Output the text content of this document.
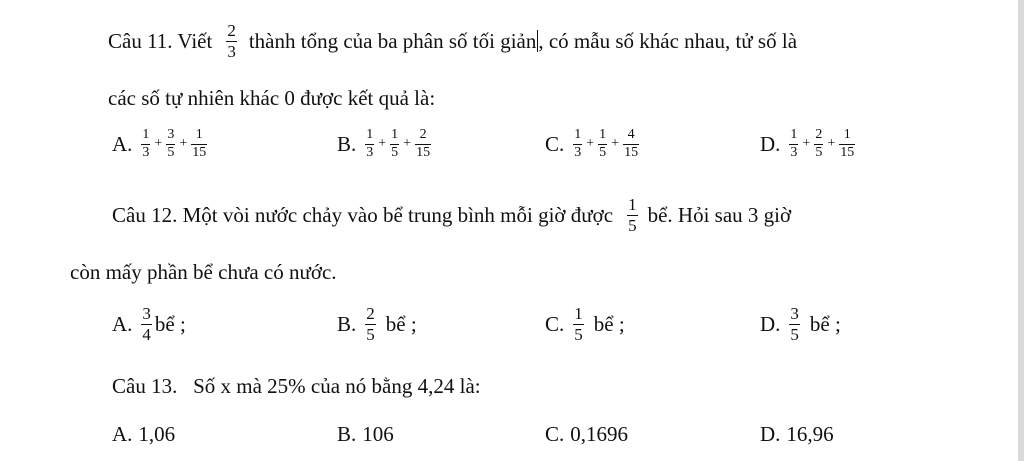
Câu 11. Viết $\frac{2}{3}$ thành tổng của ba phân số tối giản , có mẫu số khác nhau, tử số là
các số tự nhiên khác 0 được kết quả là:
A. $\frac{1}{3} + \frac{3}{5} + \frac{1}{15}$	B. $\frac{1}{3} + \frac{1}{5} + \frac{2}{15}$	C. $\frac{1}{3} + \frac{1}{5} + \frac{4}{15}$	D. $\frac{1}{3} + \frac{2}{5} + \frac{1}{15}$
Câu 12. Một vòi nước chảy vào bể trung bình mỗi giờ được $\frac{1}{5}$ bể. Hỏi sau 3 giờ
còn mấy phần bể chưa có nước.
A. $\frac{3}{4}$ bể ;	B. $\frac{2}{5}$ bể ;	C. $\frac{1}{5}$ bể ;	D. $\frac{3}{5}$ bể ;
Câu 13.   Số x mà 25% của nó bằng 4,24 là:
A. 1,06	B. 106	C. 0,1696	D. 16,96
